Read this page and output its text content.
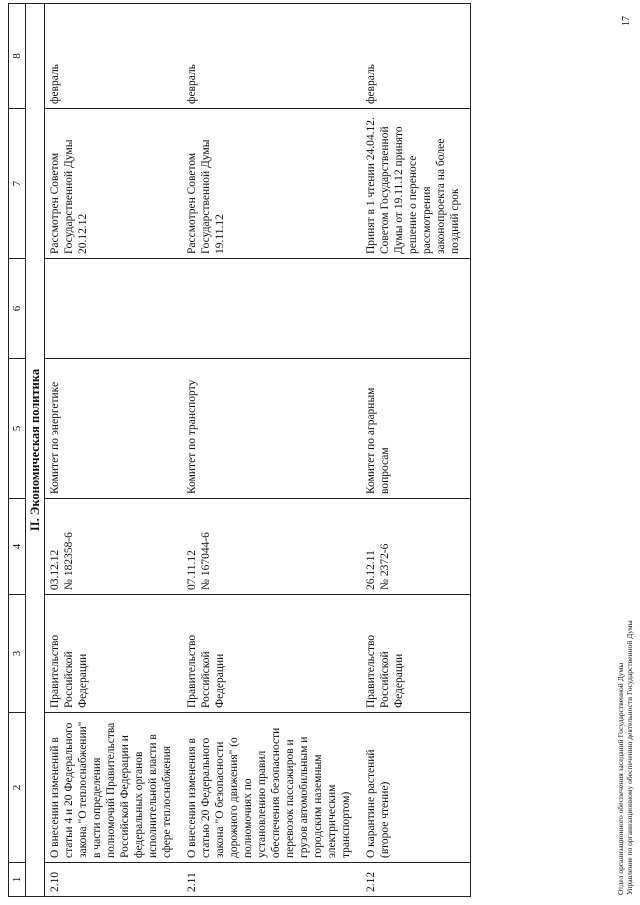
1	2	3	4	5	6	7	8
II. Экономическая политика							
2.10	О внесении изменений в статьи 4 и 20 Федерального закона "О теплоснабжении" в части определения полномочий Правительства Российской Федерации и федеральных органов исполнительной власти в сфере теплоснабжения	Правительство Российской Федерации	03.12.12 № 182358-6	Комитет по энергетике		Рассмотрен Советом Государственной Думы 20.12.12	февраль
2.11	О внесении изменения в статью 20 Федерального закона "О безопасности дорожного движения" (о полномочиях по установлению правил обеспечения безопасности перевозок пассажиров и грузов автомобильным и городским наземным электрическим транспортом)	Правительство Российской Федерации	07.11.12 № 167044-6	Комитет по транспорту		Рассмотрен Советом Государственной Думы 19.11.12	февраль
2.12	О карантине растений (второе чтение)	Правительство Российской Федерации	26.12.11 № 2372-6	Комитет по аграрным вопросам		Принят в 1 чтении 24.04.12. Советом Государственной Думы от 19.11.12 принято решение о переносе рассмотрения законопроекта на более поздний срок	февраль
Отдел организационного обеспечения заседаний Государственной Думы Управление по организационному обеспечению деятельности Государственной Думы
17
